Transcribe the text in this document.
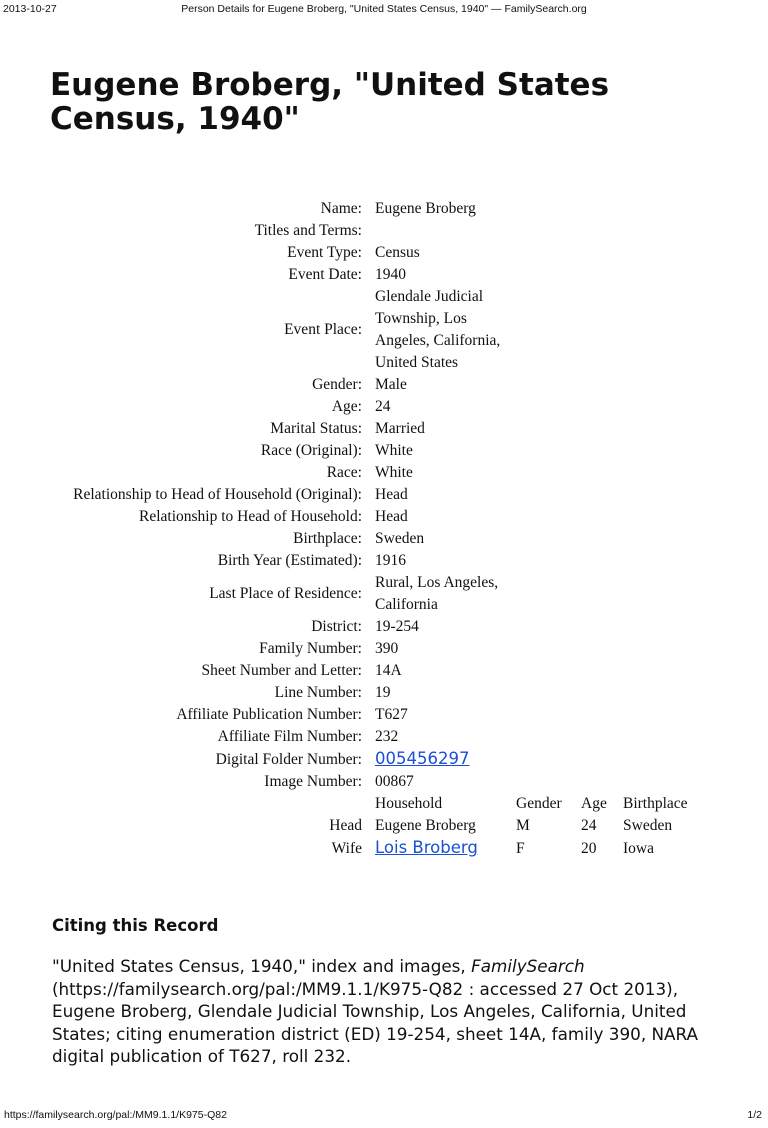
2013-10-27	Person Details for Eugene Broberg, "United States Census, 1940" — FamilySearch.org
Eugene Broberg, "United States Census, 1940"
Name:	Eugene Broberg
Titles and Terms:	
Event Type:	Census
Event Date:	1940
Event Place:	Glendale Judicial Township, Los Angeles, California, United States
Gender:	Male
Age:	24
Marital Status:	Married
Race (Original):	White
Race:	White
Relationship to Head of Household (Original):	Head
Relationship to Head of Household:	Head
Birthplace:	Sweden
Birth Year (Estimated):	1916
Last Place of Residence:	Rural, Los Angeles, California
District:	19-254
Family Number:	390
Sheet Number and Letter:	14A
Line Number:	19
Affiliate Publication Number:	T627
Affiliate Film Number:	232
Digital Folder Number:	005456297
Image Number:	00867
	Household	Gender	Age	Birthplace
Head	Eugene Broberg	M	24	Sweden
Wife	Lois Broberg	F	20	Iowa
Citing this Record

"United States Census, 1940," index and images, FamilySearch (https://familysearch.org/pal:/MM9.1.1/K975-Q82 : accessed 27 Oct 2013), Eugene Broberg, Glendale Judicial Township, Los Angeles, California, United States; citing enumeration district (ED) 19-254, sheet 14A, family 390, NARA digital publication of T627, roll 232.

https://familysearch.org/pal:/MM9.1.1/K975-Q82	1/2
